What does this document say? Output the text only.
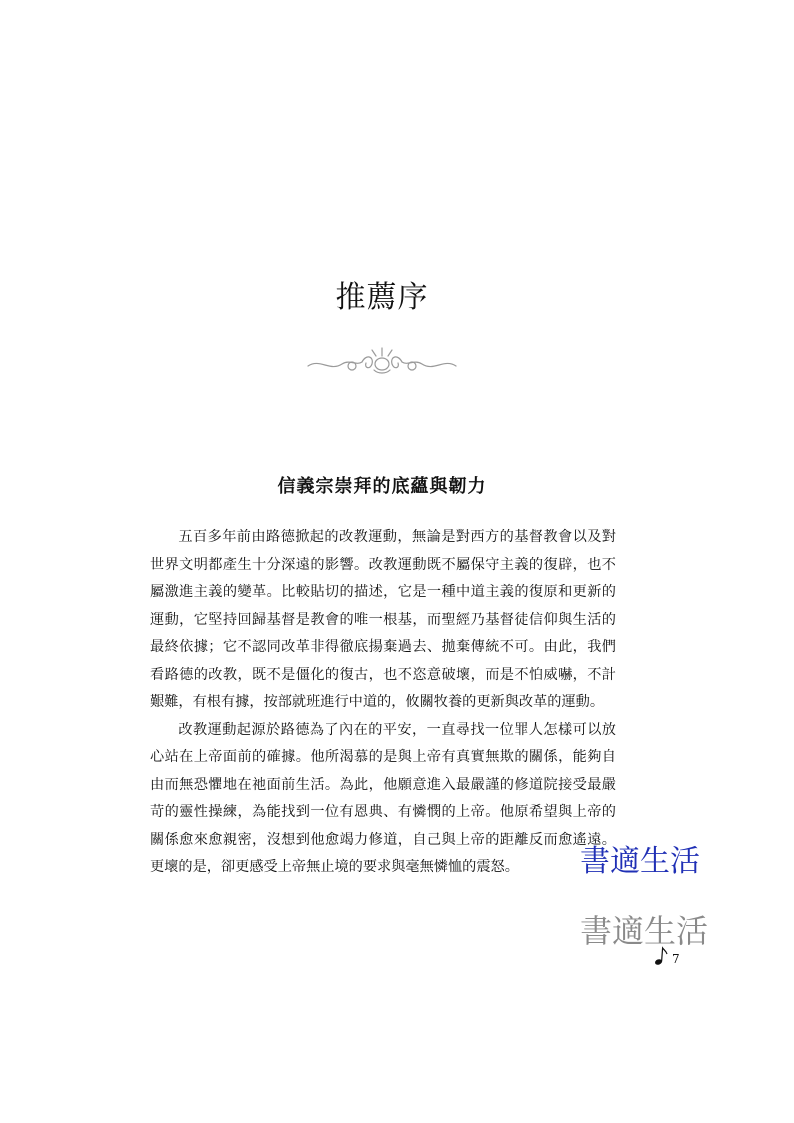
推薦序
信義宗崇拜的底蘊與韌力

五百多年前由路德掀起的改教運動，無論是對西方的基督教會以及對世界文明都產生十分深遠的影響。改教運動既不屬保守主義的復辟，也不屬激進主義的變革。比較貼切的描述，它是一種中道主義的復原和更新的運動，它堅持回歸基督是教會的唯一根基，而聖經乃基督徒信仰與生活的最終依據；它不認同改革非得徹底揚棄過去、拋棄傳統不可。由此，我們看路德的改教，既不是僵化的復古，也不恣意破壞，而是不怕威嚇，不計艱難，有根有據，按部就班進行中道的，攸關牧養的更新與改革的運動。

改教運動起源於路德為了內在的平安，一直尋找一位罪人怎樣可以放心站在上帝面前的確據。他所渴慕的是與上帝有真實無欺的關係，能夠自由而無恐懼地在祂面前生活。為此，他願意進入最嚴謹的修道院接受最嚴苛的靈性操練，為能找到一位有恩典、有憐憫的上帝。他原希望與上帝的關係愈來愈親密，沒想到他愈竭力修道，自己與上帝的距離反而愈遙遠。更壞的是，卻更感受上帝無止境的要求與毫無憐恤的震怒。	書適生活
書適生活
7
